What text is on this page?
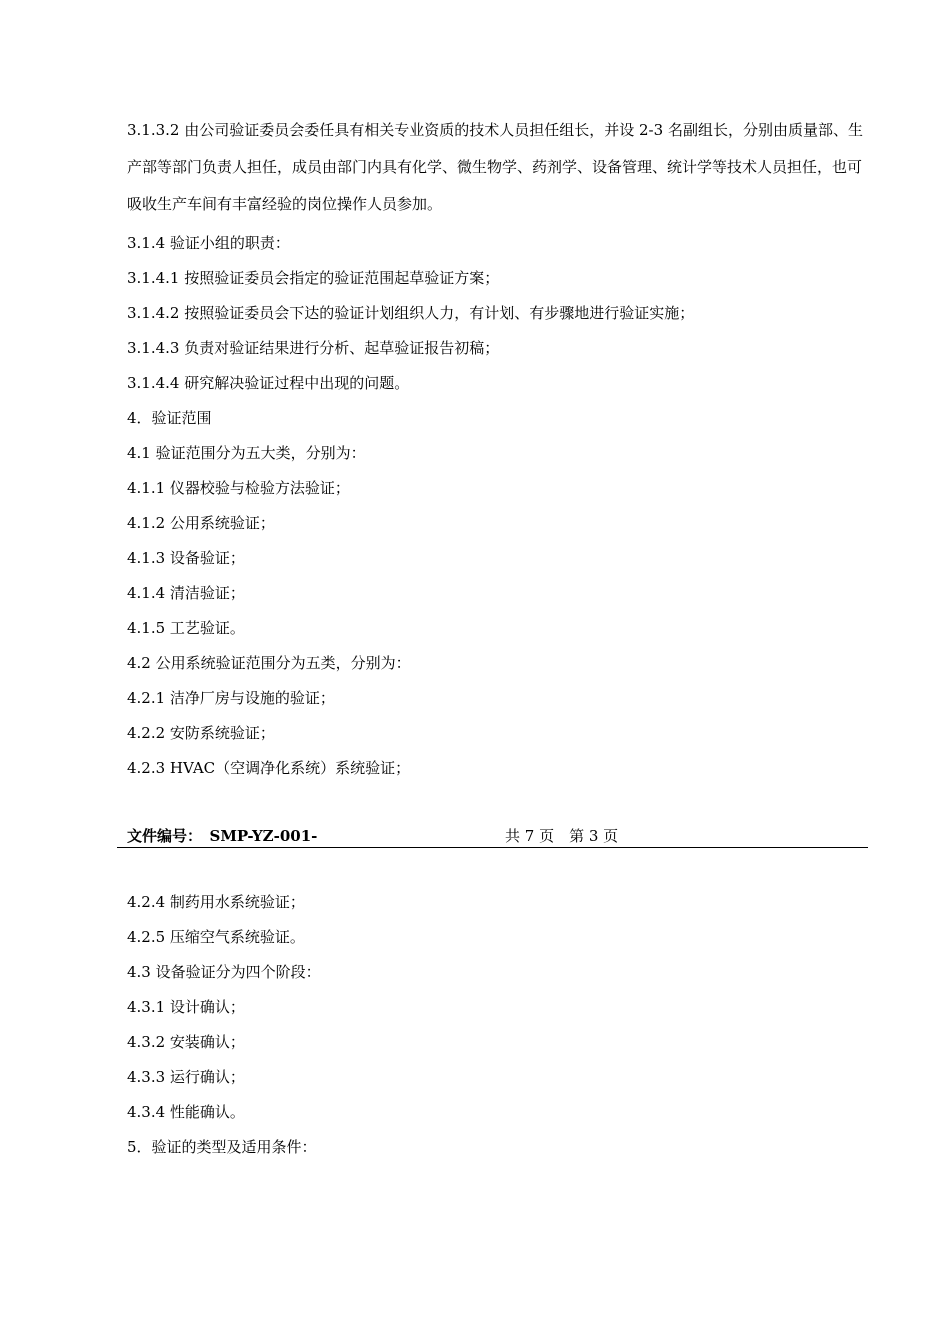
3.1.3.2 由公司验证委员会委任具有相关专业资质的技术人员担任组长，并设 2-3 名副组长，分别由质量部、生产部等部门负责人担任，成员由部门内具有化学、微生物学、药剂学、设备管理、统计学等技术人员担任，也可吸收生产车间有丰富经验的岗位操作人员参加。

3.1.4 验证小组的职责：
3.1.4.1 按照验证委员会指定的验证范围起草验证方案；
3.1.4.2 按照验证委员会下达的验证计划组织人力，有计划、有步骤地进行验证实施；
3.1.4.3 负责对验证结果进行分析、起草验证报告初稿；
3.1.4.4 研究解决验证过程中出现的问题。
4．验证范围
4.1 验证范围分为五大类，分别为：
4.1.1 仪器校验与检验方法验证；
4.1.2 公用系统验证；
4.1.3 设备验证；
4.1.4 清洁验证；
4.1.5 工艺验证。
4.2 公用系统验证范围分为五类，分别为：
4.2.1 洁净厂房与设施的验证；
4.2.2 安防系统验证；
4.2.3 HVAC（空调净化系统）系统验证；
文件编号：　SMP-YZ-001-	共 7 页　第 3 页
4.2.4 制药用水系统验证；
4.2.5 压缩空气系统验证。
4.3 设备验证分为四个阶段：
4.3.1 设计确认；
4.3.2 安装确认；
4.3.3 运行确认；
4.3.4 性能确认。
5．验证的类型及适用条件：
